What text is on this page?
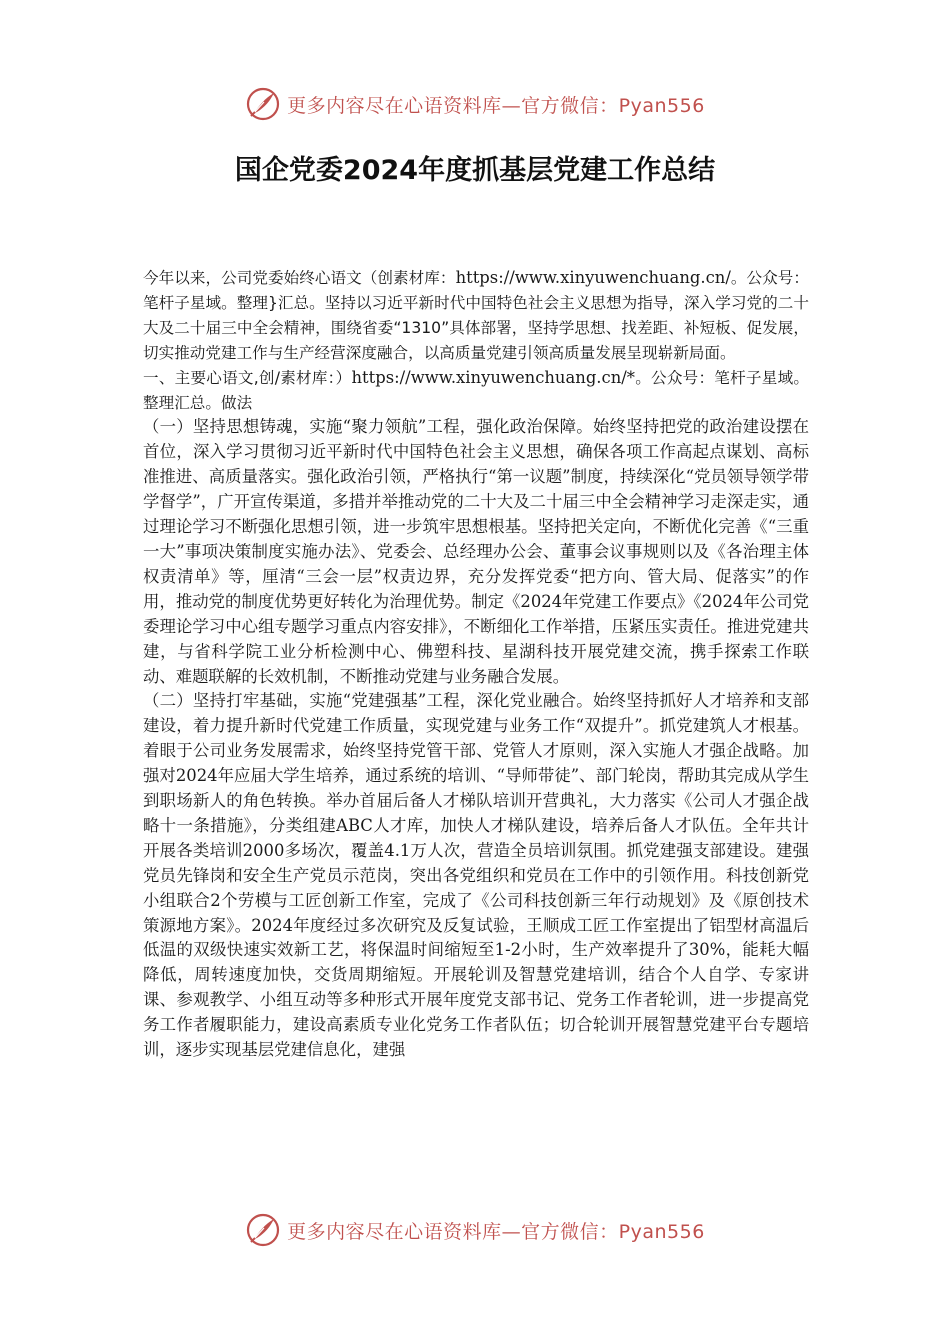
更多内容尽在心语资料库—官方微信：Pyan556
国企党委2024年度抓基层党建工作总结

今年以来，公司党委始终心语文（创素材库：https://www.xinyuwenchuang.cn/。公众号：笔杆子星域。整理}汇总。坚持以习近平新时代中国特色社会主义思想为指导，深入学习党的二十大及二十届三中全会精神，围绕省委“1310”具体部署，坚持学思想、找差距、补短板、促发展，切实推动党建工作与生产经营深度融合，以高质量党建引领高质量发展呈现崭新局面。

一、主要心语文,创/素材库：）https://www.xinyuwenchuang.cn/*。公众号：笔杆子星域。整理汇总。做法

（一）坚持思想铸魂，实施“聚力领航”工程，强化政治保障。始终坚持把党的政治建设摆在首位，深入学习贯彻习近平新时代中国特色社会主义思想，确保各项工作高起点谋划、高标准推进、高质量落实。强化政治引领，严格执行“第一议题”制度，持续深化“党员领导领学带学督学”，广开宣传渠道，多措并举推动党的二十大及二十届三中全会精神学习走深走实，通过理论学习不断强化思想引领，进一步筑牢思想根基。坚持把关定向，不断优化完善《“三重一大”事项决策制度实施办法》、党委会、总经理办公会、董事会议事规则以及《各治理主体权责清单》等，厘清“三会一层”权责边界，充分发挥党委“把方向、管大局、促落实”的作用，推动党的制度优势更好转化为治理优势。制定《2024年党建工作要点》《2024年公司党委理论学习中心组专题学习重点内容安排》，不断细化工作举措，压紧压实责任。推进党建共建，与省科学院工业分析检测中心、佛塑科技、星湖科技开展党建交流，携手探索工作联动、难题联解的长效机制，不断推动党建与业务融合发展。

（二）坚持打牢基础，实施“党建强基”工程，深化党业融合。始终坚持抓好人才培养和支部建设，着力提升新时代党建工作质量，实现党建与业务工作“双提升”。抓党建筑人才根基。着眼于公司业务发展需求，始终坚持党管干部、党管人才原则，深入实施人才强企战略。加强对2024年应届大学生培养，通过系统的培训、“导师带徒”、部门轮岗，帮助其完成从学生到职场新人的角色转换。举办首届后备人才梯队培训开营典礼，大力落实《公司人才强企战略十一条措施》，分类组建ABC人才库，加快人才梯队建设，培养后备人才队伍。全年共计开展各类培训2000多场次，覆盖4.1万人次，营造全员培训氛围。抓党建强支部建设。建强党员先锋岗和安全生产党员示范岗，突出各党组织和党员在工作中的引领作用。科技创新党小组联合2个劳模与工匠创新工作室，完成了《公司科技创新三年行动规划》及《原创技术策源地方案》。2024年度经过多次研究及反复试验，王顺成工匠工作室提出了铝型材高温后低温的双级快速实效新工艺，将保温时间缩短至1-2小时，生产效率提升了30%，能耗大幅降低，周转速度加快，交货周期缩短。开展轮训及智慧党建培训，结合个人自学、专家讲课、参观教学、小组互动等多种形式开展年度党支部书记、党务工作者轮训，进一步提高党务工作者履职能力，建设高素质专业化党务工作者队伍；切合轮训开展智慧党建平台专题培训，逐步实现基层党建信息化，建强

更多内容尽在心语资料库—官方微信：Pyan556
